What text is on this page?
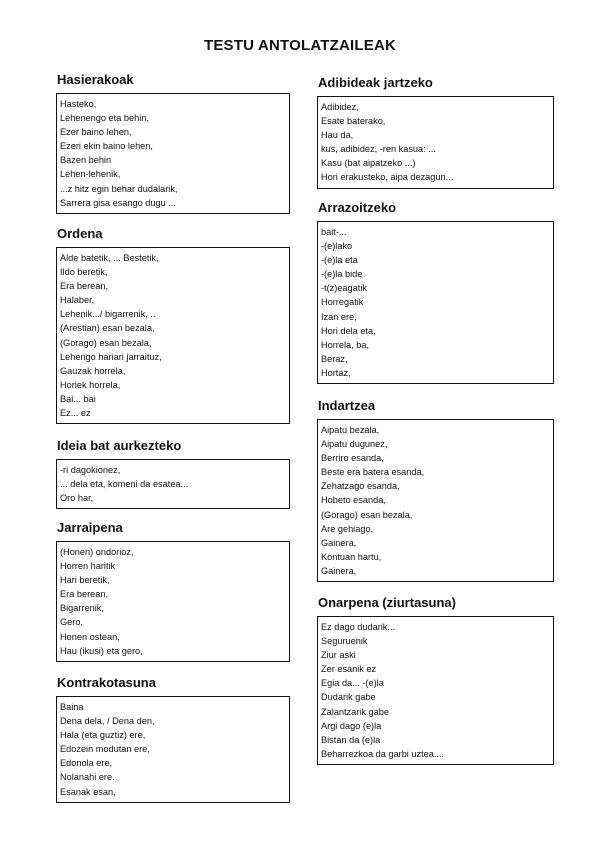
TESTU ANTOLATZAILEAK
Hasierakoak
Hasteko,
Lehenengo eta behin,
Ezer baino lehen,
Ezeri ekin baino lehen,
Bazen behin
Lehen-lehenik,
...z hitz egin behar dudalarik,
Sarrera gisa esango dugu ...
Ordena
Alde batetik, ... Bestetik,
Ildo beretik,
Era berean,
Halaber,
Lehenik.../ bigarrenik, ..
(Arestian) esan bezala,
(Gorago) esan bezala,
Lehengo hariari jarraituz,
Gauzak horrela,
Horiek horrela,
Bai... bai
Ez... ez
Ideia bat aurkezteko
-ri dagokionez,
... dela eta, komeni da esatea...
Oro har,
Jarraipena
(Honen) ondorioz,
Horren haritik
Hari beretik,
Era berean,
Bigarrenik,
Gero,
Honen ostean,
Hau (ikusi) eta gero,
Kontrakotasuna
Baina
Dena dela, / Dena den,
Hala (eta guztiz) ere,
Edozein modutan ere,
Edonola ere,
Nolanahi ere.
Esanak esan,
Adibideak jartzeko
Adibidez,
Esate baterako,
Hau da,
kus, adibidez, -ren kasua: ...
Kasu (bat aipatzeko ...)
Hori erakusteko, aipa dezagun...
Arrazoitzeko
bait-...
-(e)lako
-(e)la eta
-(e)la bide
-t(z)eagatik
Horregatik
Izan ere,
Hori dela eta,
Horrela, ba,
Beraz,
Hortaz,
Indartzea
Aipatu bezala,
Aipatu dugunez,
Berriro esanda,
Beste era batera esanda,
Zehatzago esanda,
Hobeto esanda,
(Gorago) esan bezala,
Are gehiago,
Gainera,
Kontuan hartu,
Gainera,
Onarpena (ziurtasuna)
Ez dago dudarik...
Seguruenik
Ziur aski
Zer esanik ez
Egia da... -(e)la
Dudarik gabe
Zalantzarik gabe
Argi dago (e)la
Bistan da (e)la
Beharrezkoa da garbi uztea....
